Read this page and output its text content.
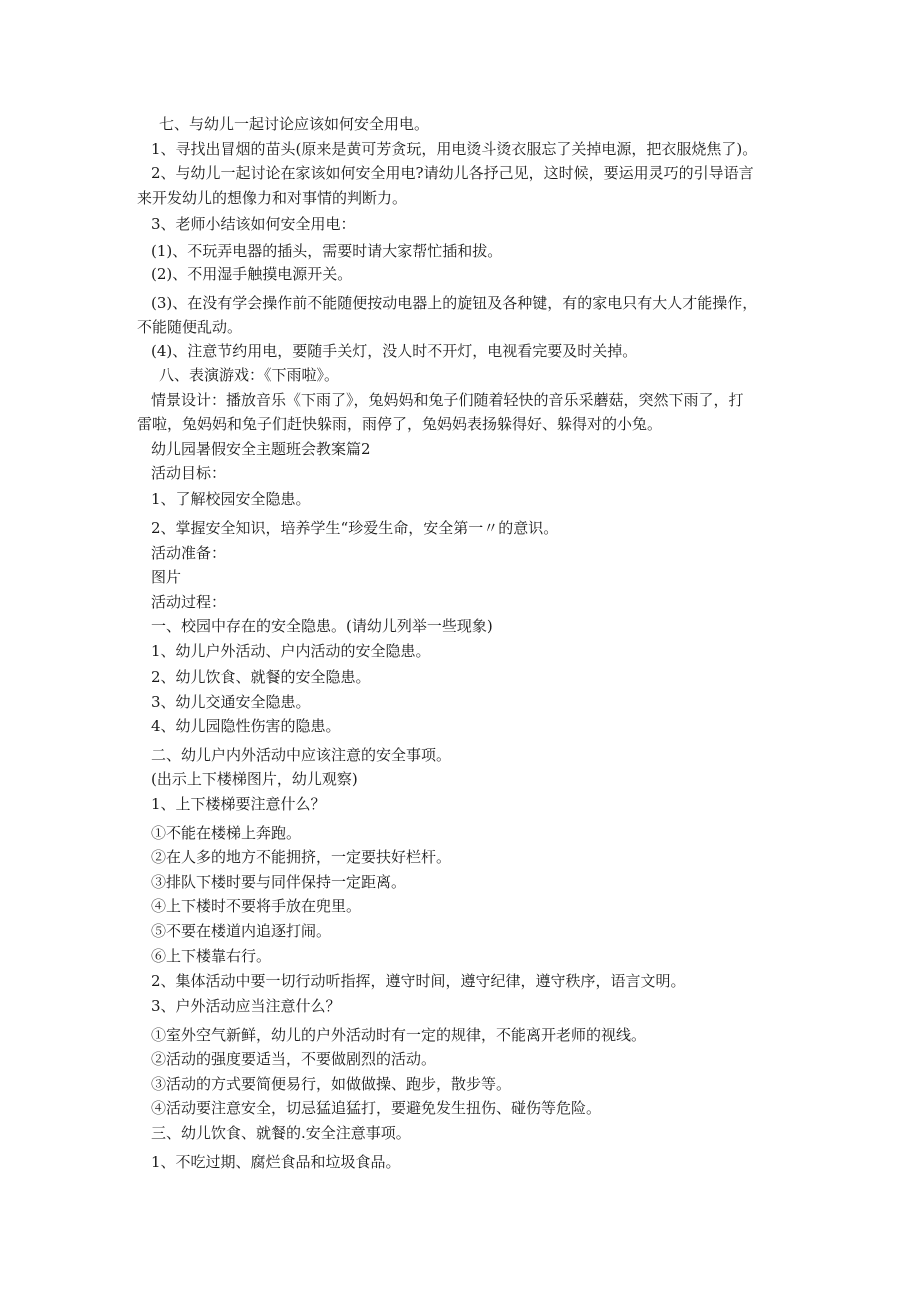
七、与幼儿一起讨论应该如何安全用电。
1、寻找出冒烟的苗头(原来是黄可芳贪玩，用电烫斗烫衣服忘了关掉电源，把衣服烧焦了)。
2、与幼儿一起讨论在家该如何安全用电?请幼儿各抒己见，这时候，要运用灵巧的引导语言
来开发幼儿的想像力和对事情的判断力。
3、老师小结该如何安全用电：
(1)、不玩弄电器的插头，需要时请大家帮忙插和拔。
(2)、不用湿手触摸电源开关。
(3)、在没有学会操作前不能随便按动电器上的旋钮及各种键，有的家电只有大人才能操作，
不能随便乱动。
(4)、注意节约用电，要随手关灯，没人时不开灯，电视看完要及时关掉。
八、表演游戏：《下雨啦》。
情景设计：播放音乐《下雨了》，兔妈妈和兔子们随着轻快的音乐采蘑菇，突然下雨了，打
雷啦，兔妈妈和兔子们赶快躲雨，雨停了，兔妈妈表扬躲得好、躲得对的小兔。
幼儿园暑假安全主题班会教案篇2
活动目标：
1、了解校园安全隐患。
2、掌握安全知识，培养学生“珍爱生命，安全第一〃的意识。
活动准备：
图片
活动过程：
一、校园中存在的安全隐患。(请幼儿列举一些现象)
1、幼儿户外活动、户内活动的安全隐患。
2、幼儿饮食、就餐的安全隐患。
3、幼儿交通安全隐患。
4、幼儿园隐性伤害的隐患。
二、幼儿户内外活动中应该注意的安全事项。
(出示上下楼梯图片，幼儿观察)
1、上下楼梯要注意什么？
①不能在楼梯上奔跑。
②在人多的地方不能拥挤，一定要扶好栏杆。
③排队下楼时要与同伴保持一定距离。
④上下楼时不要将手放在兜里。
⑤不要在楼道内追逐打闹。
⑥上下楼靠右行。
2、集体活动中要一切行动听指挥，遵守时间，遵守纪律，遵守秩序，语言文明。
3、户外活动应当注意什么？
①室外空气新鲜，幼儿的户外活动时有一定的规律，不能离开老师的视线。
②活动的强度要适当，不要做剧烈的活动。
③活动的方式要简便易行，如做做操、跑步，散步等。
④活动要注意安全，切忌猛追猛打，要避免发生扭伤、碰伤等危险。
三、幼儿饮食、就餐的.安全注意事项。
1、不吃过期、腐烂食品和垃圾食品。
